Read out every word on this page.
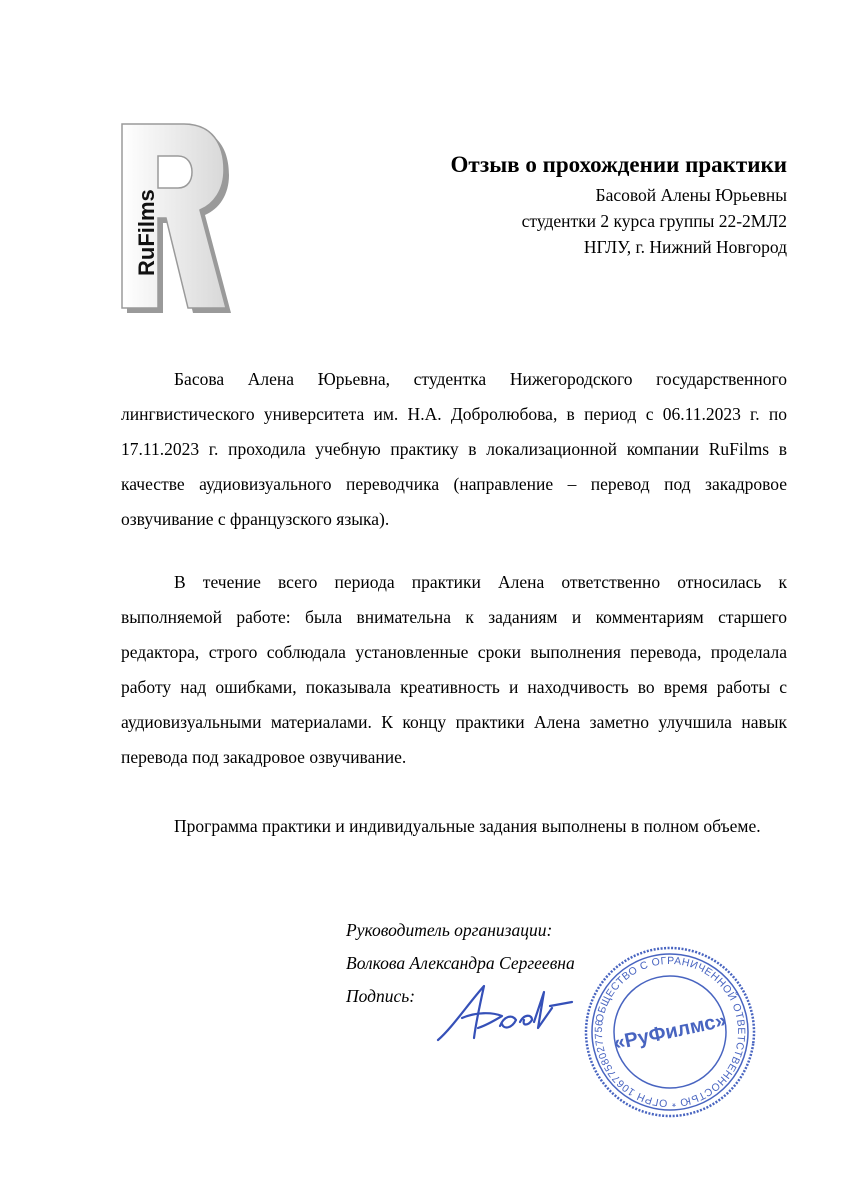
RuFilms
Отзыв о прохождении практики
Басовой Алены Юрьевны
студентки 2 курса группы 22-2МЛ2
НГЛУ, г. Нижний Новгород

Басова Алена Юрьевна, студентка Нижегородского государственного лингвистического университета им. Н.А. Добролюбова, в период с 06.11.2023 г. по 17.11.2023 г. проходила учебную практику в локализационной компании RuFilms в качестве аудиовизуального переводчика (направление – перевод под закадровое озвучивание с французского языка).

В течение всего периода практики Алена ответственно относилась к выполняемой работе: была внимательна к заданиям и комментариям старшего редактора, строго соблюдала установленные сроки выполнения перевода, проделала работу над ошибками, показывала креативность и находчивость во время работы с аудиовизуальными материалами. К концу практики Алена заметно улучшила навык перевода под закадровое озвучивание.

Программа практики и индивидуальные задания выполнены в полном объеме.

Руководитель организации:
Волкова Александра Сергеевна
Подпись:
ОБЩЕСТВО С ОГРАНИЧЕННОЙ ОТВЕТСТВЕННОСТЬЮ * ОГРН 1067758027756 «РуФилмс»
